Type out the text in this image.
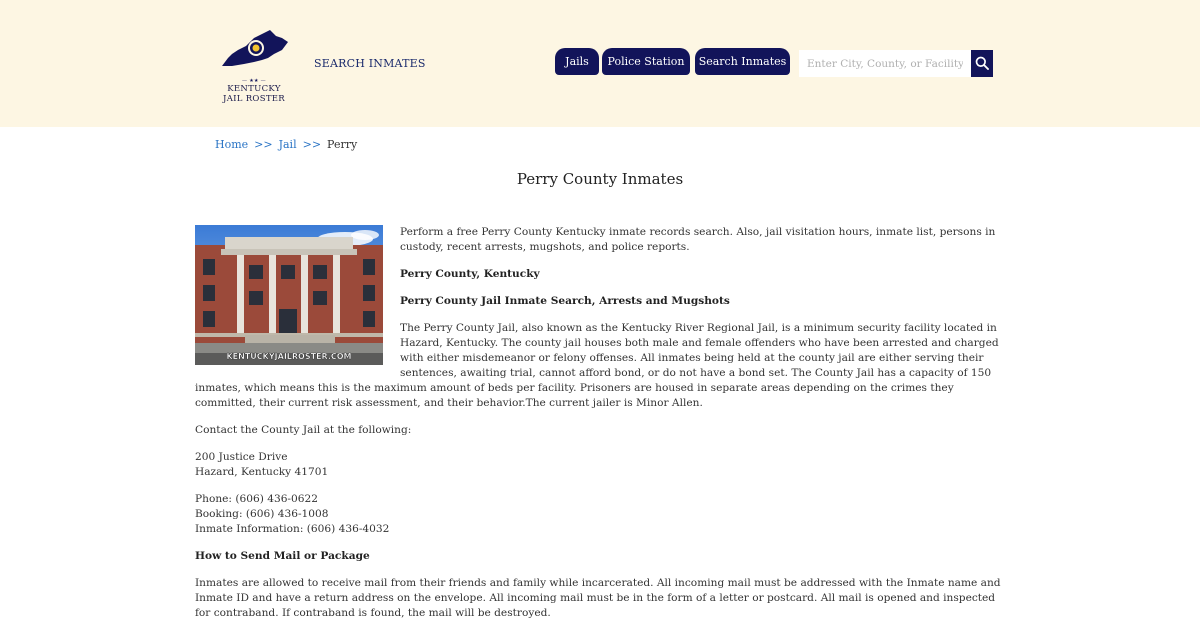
— ★★ —
KENTUCKY
JAIL ROSTER
SEARCH INMATES	Jails	Police Station	Search Inmates
Enter City, County, or Facility
Home >> Jail >> Perry
Perry County Inmates
KENTUCKYJAILROSTER.COM

Perform a free Perry County Kentucky inmate records search. Also, jail visitation hours, inmate list, persons in custody, recent arrests, mugshots, and police reports.

Perry County, Kentucky

Perry County Jail Inmate Search, Arrests and Mugshots

The Perry County Jail, also known as the Kentucky River Regional Jail, is a minimum security facility located in Hazard, Kentucky. The county jail houses both male and female offenders who have been arrested and charged with either misdemeanor or felony offenses. All inmates being held at the county jail are either serving their sentences, awaiting trial, cannot afford bond, or do not have a bond set. The County Jail has a capacity of 150 inmates, which means this is the maximum amount of beds per facility. Prisoners are housed in separate areas depending on the crimes they committed, their current risk assessment, and their behavior.The current jailer is Minor Allen.

Contact the County Jail at the following:

200 Justice Drive
Hazard, Kentucky 41701

Phone: (606) 436-0622
Booking: (606) 436-1008
Inmate Information: (606) 436-4032

How to Send Mail or Package

Inmates are allowed to receive mail from their friends and family while incarcerated. All incoming mail must be addressed with the Inmate name and Inmate ID and have a return address on the envelope. All incoming mail must be in the form of a letter or postcard. All mail is opened and inspected for contraband. If contraband is found, the mail will be destroyed.
